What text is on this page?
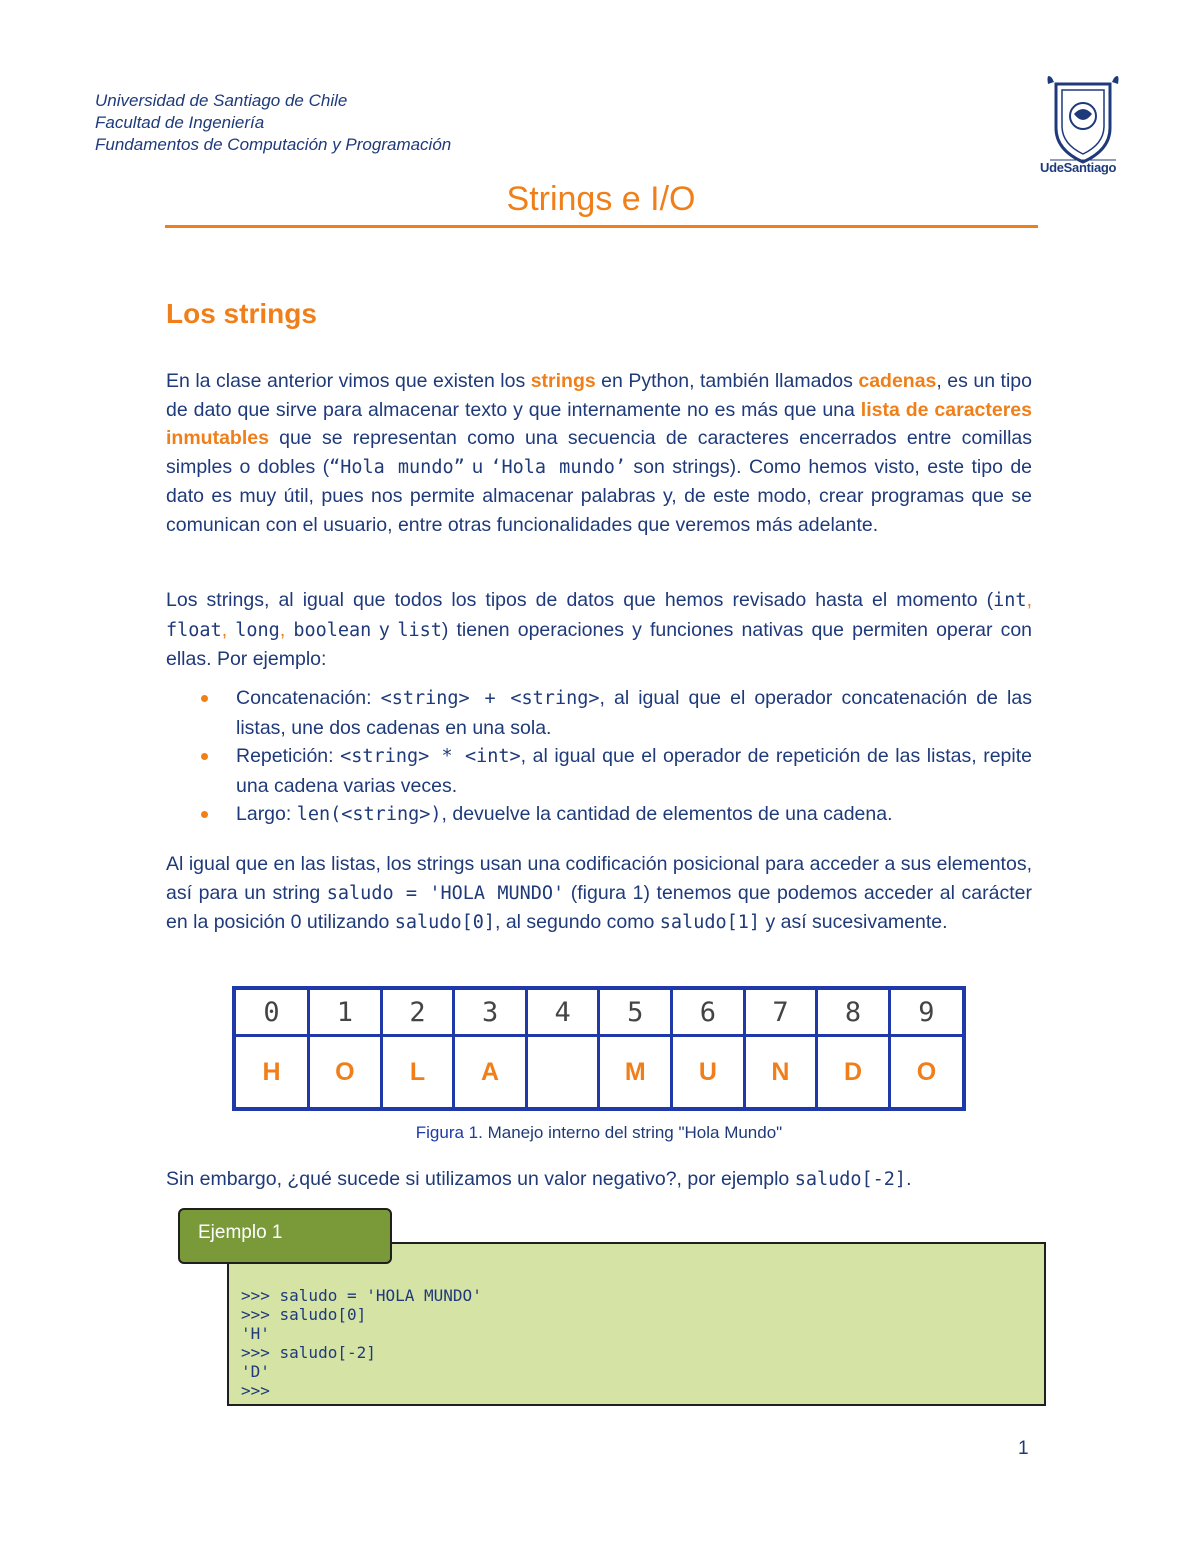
Universidad de Santiago de Chile
Facultad de Ingeniería
Fundamentos de Computación y Programación
UdeSantiago
Strings e I/O
Los strings
En la clase anterior vimos que existen los strings en Python, también llamados cadenas, es un tipo de dato que sirve para almacenar texto y que internamente no es más que una lista de caracteres inmutables que se representan como una secuencia de caracteres encerrados entre comillas simples o dobles (“Hola mundo” u ‘Hola mundo’ son strings). Como hemos visto, este tipo de dato es muy útil, pues nos permite almacenar palabras y, de este modo, crear programas que se comunican con el usuario, entre otras funcionalidades que veremos más adelante.
Los strings, al igual que todos los tipos de datos que hemos revisado hasta el momento (int, float, long, boolean y list) tienen operaciones y funciones nativas que permiten operar con ellas. Por ejemplo:
Concatenación: <string> + <string>, al igual que el operador concatenación de las listas, une dos cadenas en una sola.
Repetición: <string> * <int>, al igual que el operador de repetición de las listas, repite una cadena varias veces.
Largo: len(<string>), devuelve la cantidad de elementos de una cadena.
Al igual que en las listas, los strings usan una codificación posicional para acceder a sus elementos, así para un string saludo = 'HOLA MUNDO' (figura 1) tenemos que podemos acceder al carácter en la posición 0 utilizando saludo[0], al segundo como saludo[1] y así sucesivamente.
0	1	2	3	4	5	6	7	8	9
H	O	L	A		M	U	N	D	O
Figura 1. Manejo interno del string "Hola Mundo"
Sin embargo, ¿qué sucede si utilizamos un valor negativo?, por ejemplo saludo[-2].
>>> saludo = 'HOLA MUNDO'
>>> saludo[0]
'H'
>>> saludo[-2]
'D'
>>>
Ejemplo 1
1
